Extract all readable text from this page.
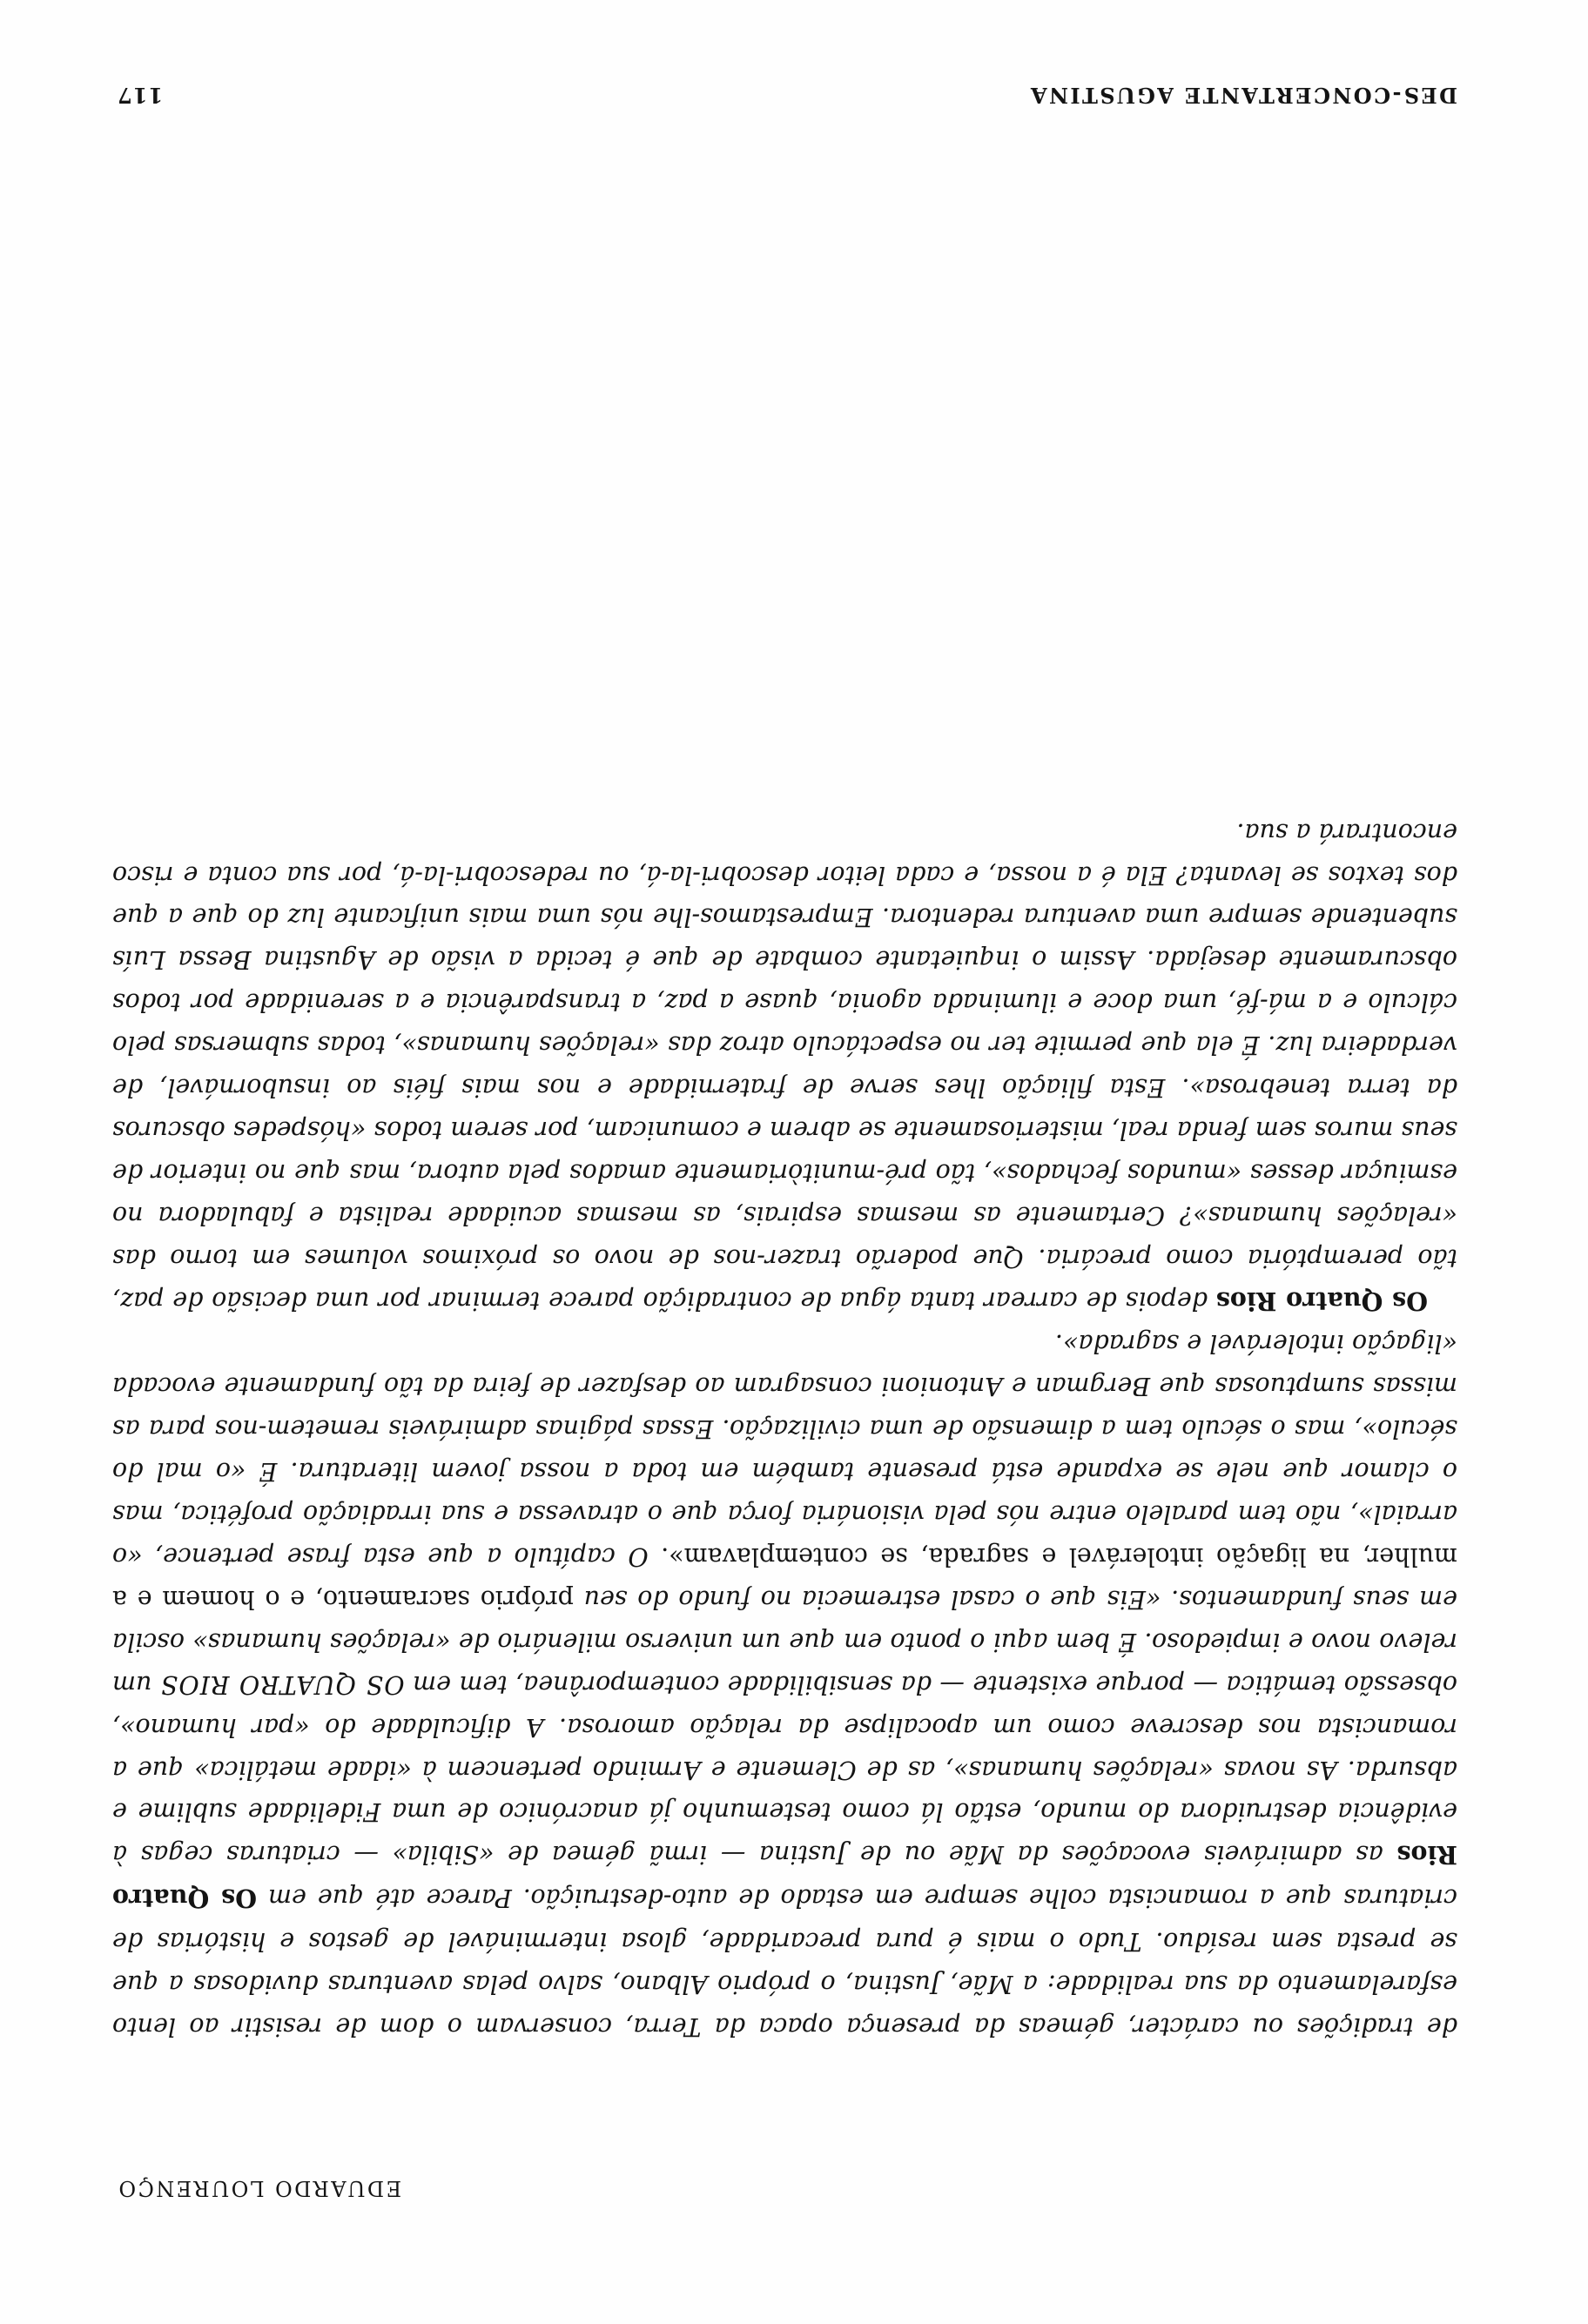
DES-CONCERTANTE AGUSTINA
117

de tradições ou carácter, gémeas da presença opaca da Terra, conservam o dom de resistir ao lento esfarelamento da sua realidade: a Mãe, Justina, o próprio Albano, salvo pelas aventuras duvidosas a que se presta sem resíduo. Tudo o mais é pura precaridade, glosa interminável de gestos e histórias de criaturas que a romancista colhe sempre em estado de auto-destruição. Parece até que em Os Quatro Rios as admiráveis evocações da Mãe ou de Justina — irmã gémea de «Sibila» — criaturas cegas à evidência destruidora do mundo, estão lá como testemunho já anacrónico de uma Fidelidade sublime e absurda. As novas «relações humanas», as de Clemente e Armindo pertencem à «idade metálica» que a romancista nos descreve como um apocalipse da relação amorosa. A dificuldade do «par humano», obsessão temática — porque existente — da sensibilidade contemporânea, tem em OS QUATRO RIOS um relevo novo e impiedoso. É bem aqui o ponto em que um universo milenário de «relações humanas» oscila em seus fundamentos. «Eis que o casal estremecia no fundo do seu próprio sacramento, e o homem e a mulher, na ligação intolerável e sagrada, se contemplavam». O capítulo a que esta frase pertence, «o arraial», não tem paralelo entre nós pela visionária força que o atravessa e sua irradiação profética, mas o clamor que nele se expande está presente também em toda a nossa jovem literatura. É «o mal do século», mas o século tem a dimensão de uma civilização. Essas páginas admiráveis remetem-nos para as missas sumptuosas que Bergman e Antonioni consagram ao desfazer de feira da tão fundamente evocada «ligação intolerável e sagrada».

Os Quatro Rios depois de carrear tanta água de contradição parece terminar por uma decisão de paz, tão peremptória como precária. Que poderão trazer-nos de novo os próximos volumes em torno das «relações humanas»? Certamente as mesmas espirais, as mesmas acuidade realista e fabuladora no esmiuçar desses «mundos fechados», tão pré-munitòriamente amados pela autora, mas que no interior de seus muros sem fenda real, misteriosamente se abrem e comunicam, por serem todos «hóspedes obscuros da terra tenebrosa». Esta filiação lhes serve de fraternidade e nos mais fiéis ao insubornável, de verdadeira luz. É ela que permite ter no espectáculo atroz das «relações humanas», todas submersas pelo cálculo e a má-fé, uma doce e iluminada agonia, quase a paz, a transparência e a serenidade por todos obscuramente desejada. Assim o inquietante combate de que é tecida a visão de Agustina Bessa Luís subentende sempre uma aventura redentora. Emprestamos-lhe nós uma mais unificante luz do que a que dos textos se levanta? Ela é a nossa, e cada leitor descobri-la-á, ou redescobri-la-á, por sua conta e risco encontrará a sua.

EDUARDO LOURENÇO
